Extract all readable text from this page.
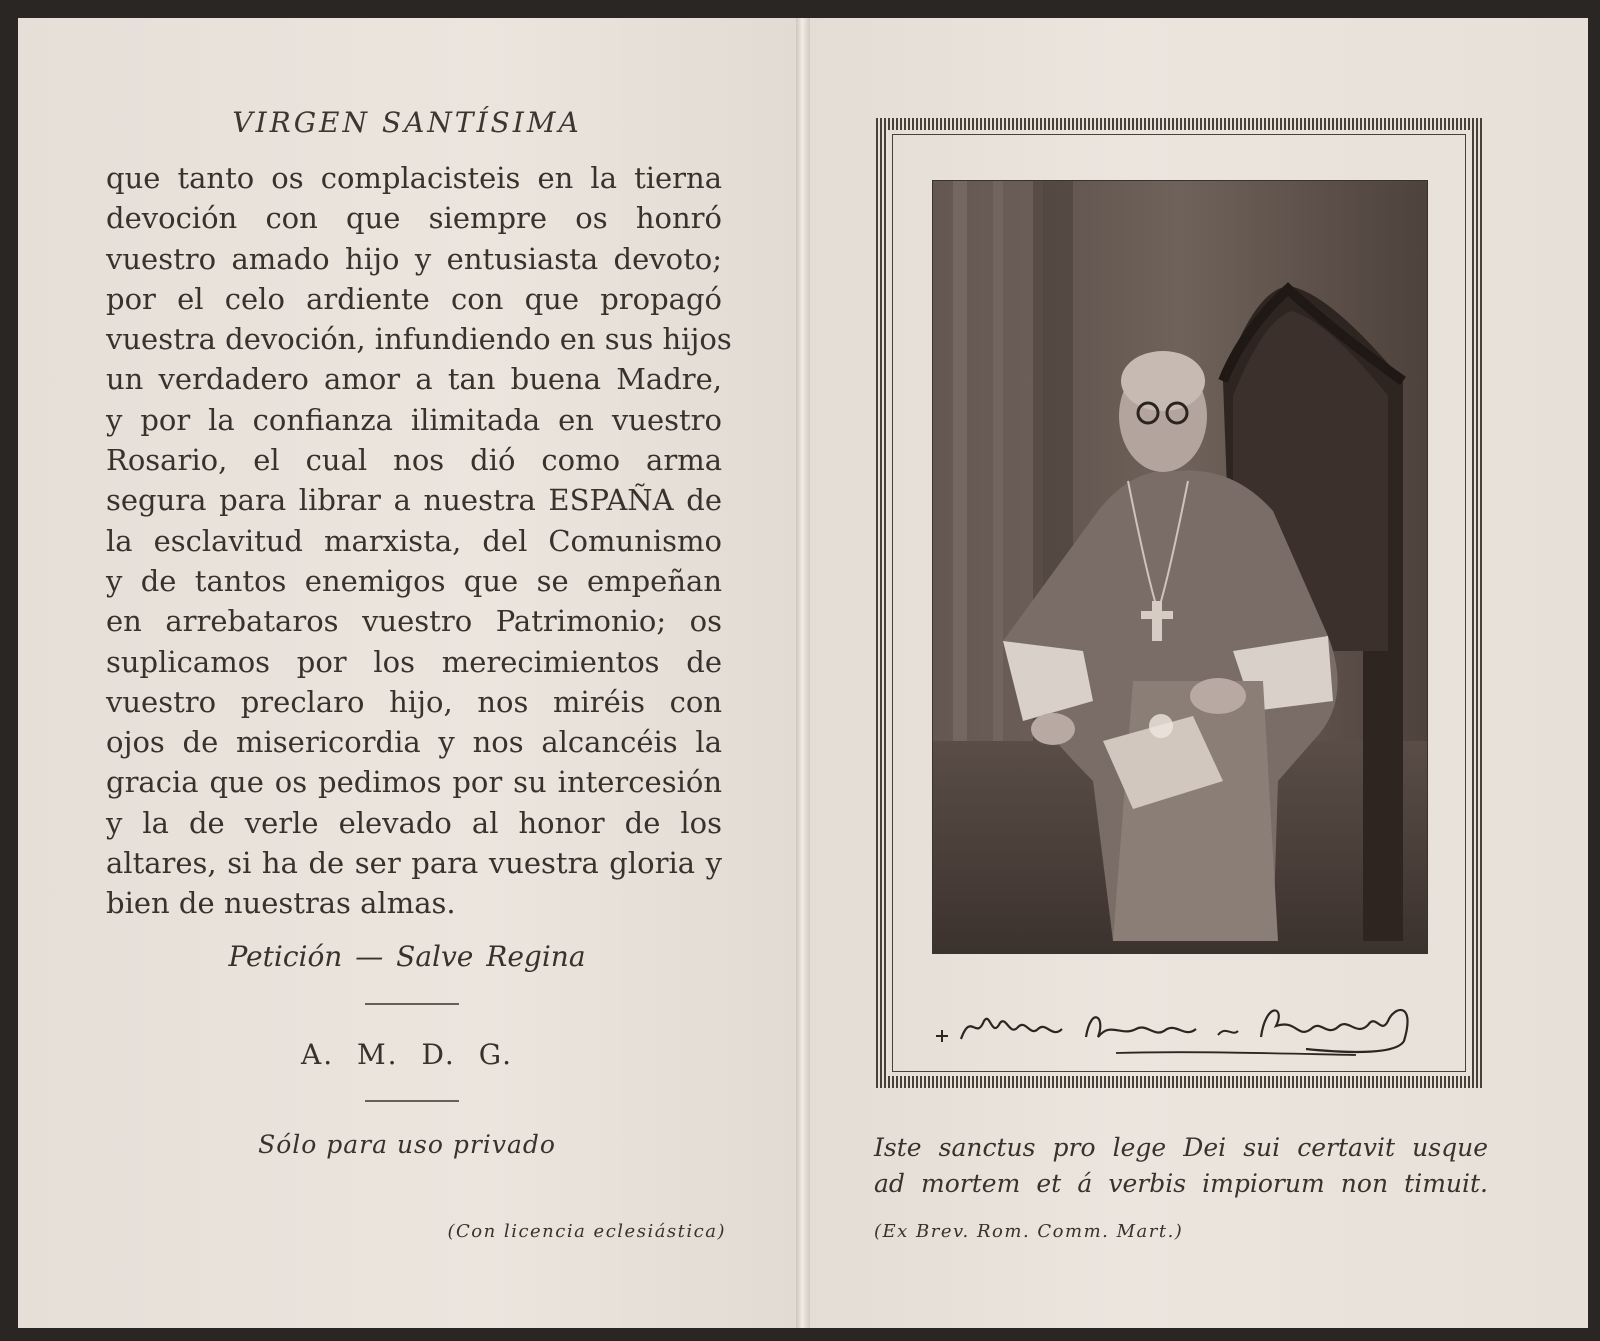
VIRGEN SANTÍSIMA
que tanto os complacisteis en la tierna
devoción con que siempre os honró
vuestro amado hijo y entusiasta devoto;
por el celo ardiente con que propagó
vuestra devoción, infundiendo en sus hijos
un verdadero amor a tan buena Madre,
y por la confianza ilimitada en vuestro
Rosario, el cual nos dió como arma
segura para librar a nuestra ESPAÑA de
la esclavitud marxista, del Comunismo
y de tantos enemigos que se empeñan
en arrebataros vuestro Patrimonio; os
suplicamos por los merecimientos de
vuestro preclaro hijo, nos miréis con
ojos de misericordia y nos alcancéis la
gracia que os pedimos por su intercesión
y la de verle elevado al honor de los
altares, si ha de ser para vuestra gloria y
bien de nuestras almas.
Petición — Salve Regina
A. M. D. G.
Sólo para uso privado
(Con licencia eclesiástica)
Iste sanctus pro lege Dei sui certavit usque
ad mortem et á verbis impiorum non timuit.
(Ex Brev. Rom. Comm. Mart.)
